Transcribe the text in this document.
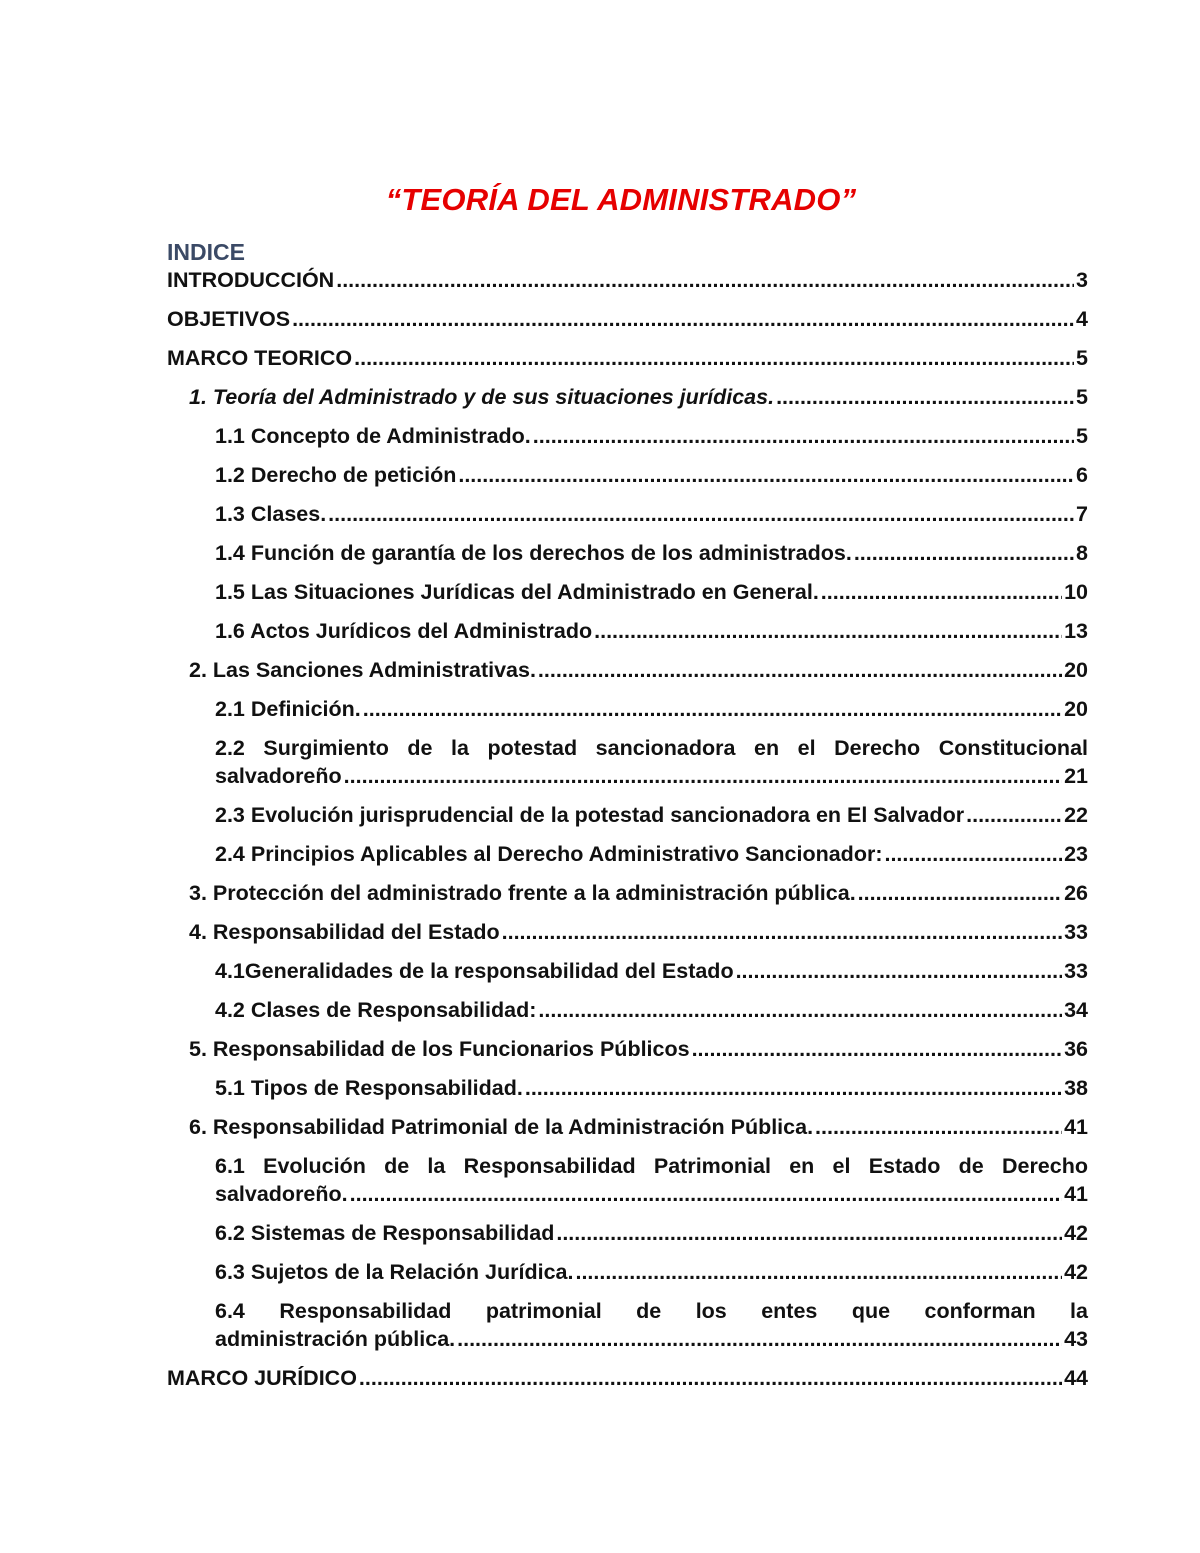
“TEORÍA DEL ADMINISTRADO”
INDICE
INTRODUCCIÓN .....	3
OBJETIVOS .....	4
MARCO TEORICO .....	5
1. Teoría del Administrado y de sus situaciones jurídicas. .....	5
1.1 Concepto de Administrado. .....	5
1.2 Derecho de petición .....	6
1.3 Clases. .....	7
1.4 Función de garantía de los derechos de los administrados. .....	8
1.5 Las Situaciones Jurídicas del Administrado en General. .....	10
1.6 Actos Jurídicos del Administrado .....	13
2. Las Sanciones Administrativas. .....	20
2.1 Definición. .....	20
2.2 Surgimiento de la potestad sancionadora en el Derecho Constitucional
salvadoreño .....	21
2.3 Evolución jurisprudencial de la potestad sancionadora en El Salvador .....	22
2.4 Principios Aplicables al Derecho Administrativo Sancionador: .....	23
3. Protección del administrado frente a la administración pública. .....	26
4. Responsabilidad del Estado .....	33
4.1Generalidades de la responsabilidad del Estado .....	33
4.2 Clases de Responsabilidad: .....	34
5. Responsabilidad de los Funcionarios Públicos .....	36
5.1 Tipos de Responsabilidad. .....	38
6. Responsabilidad Patrimonial de la Administración Pública. .....	41
6.1 Evolución de la Responsabilidad Patrimonial en el Estado de Derecho
salvadoreño. .....	41
6.2 Sistemas de Responsabilidad .....	42
6.3 Sujetos de la Relación Jurídica. .....	42
6.4 Responsabilidad patrimonial de los entes que conforman la
administración pública. .....	43
MARCO JURÍDICO .....	44
